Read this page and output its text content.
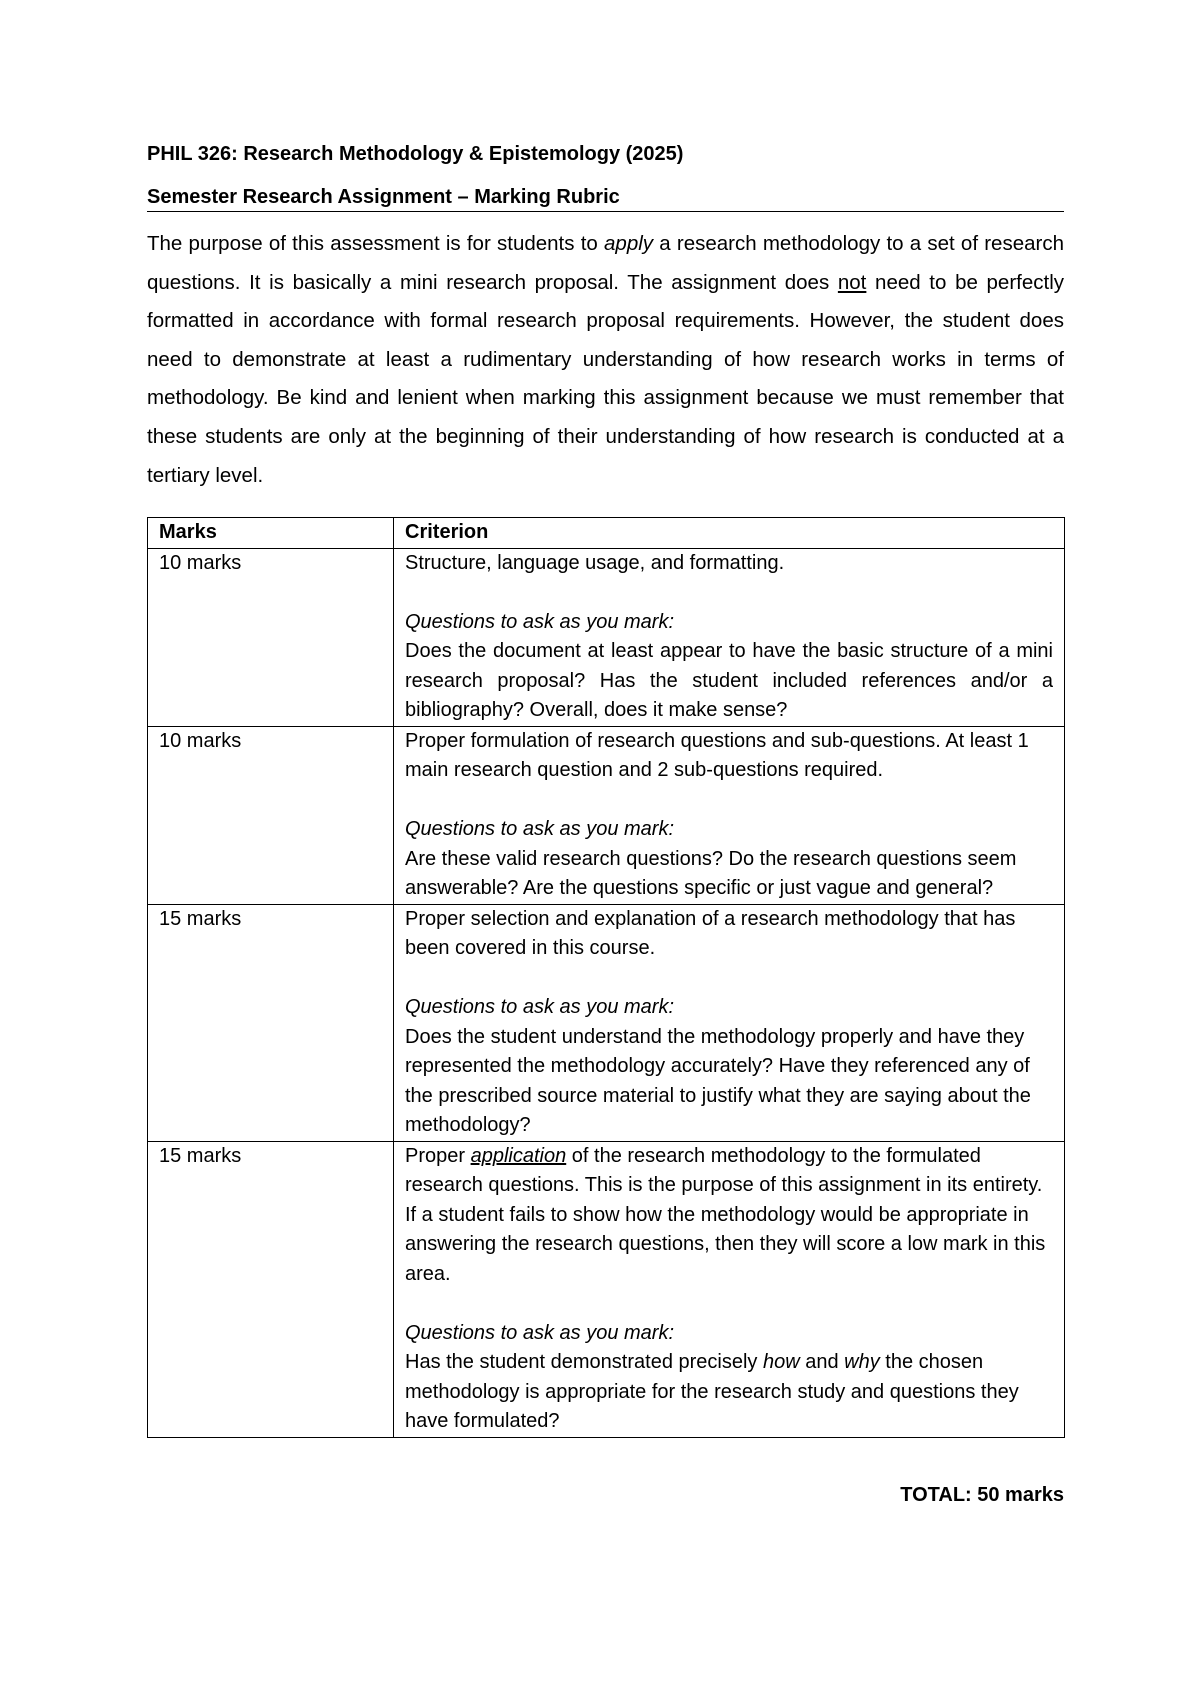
PHIL 326: Research Methodology & Epistemology (2025)

Semester Research Assignment – Marking Rubric

The purpose of this assessment is for students to apply a research methodology to a set of research questions. It is basically a mini research proposal. The assignment does not need to be perfectly formatted in accordance with formal research proposal requirements. However, the student does need to demonstrate at least a rudimentary understanding of how research works in terms of methodology. Be kind and lenient when marking this assignment because we must remember that these students are only at the beginning of their understanding of how research is conducted at a tertiary level.

Marks	Criterion
10 marks	Structure, language usage, and formatting.

Questions to ask as you mark:

Does the document at least appear to have the basic structure of a mini research proposal? Has the student included references and/or a bibliography? Overall, does it make sense?

10 marks	Proper formulation of research questions and sub-questions. At least 1 main research question and 2 sub-questions required.

Questions to ask as you mark:

Are these valid research questions? Do the research questions seem answerable? Are the questions specific or just vague and general?

15 marks	Proper selection and explanation of a research methodology that has been covered in this course.

Questions to ask as you mark:

Does the student understand the methodology properly and have they represented the methodology accurately? Have they referenced any of the prescribed source material to justify what they are saying about the methodology?

15 marks	Proper application of the research methodology to the formulated research questions. This is the purpose of this assignment in its entirety. If a student fails to show how the methodology would be appropriate in answering the research questions, then they will score a low mark in this area.

Questions to ask as you mark:

Has the student demonstrated precisely how and why the chosen methodology is appropriate for the research study and questions they have formulated?

TOTAL: 50 marks
